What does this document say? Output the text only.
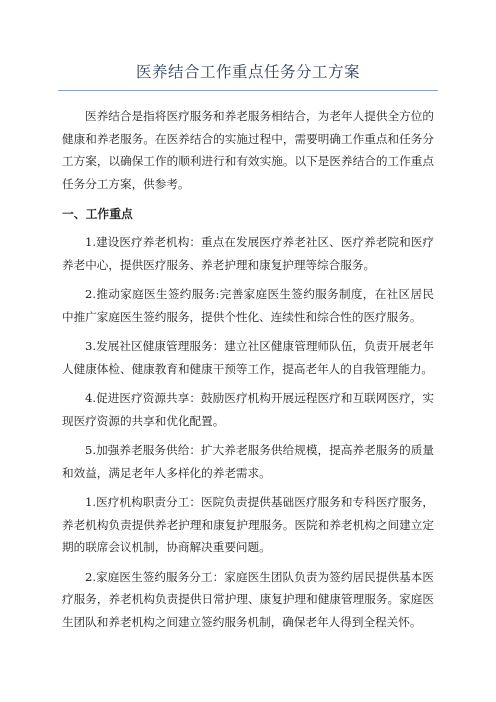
医养结合工作重点任务分工方案

医养结合是指将医疗服务和养老服务相结合，为老年人提供全方位的健康和养老服务。在医养结合的实施过程中，需要明确工作重点和任务分工方案，以确保工作的顺利进行和有效实施。以下是医养结合的工作重点任务分工方案，供参考。

一、工作重点

1.建设医疗养老机构：重点在发展医疗养老社区、医疗养老院和医疗养老中心，提供医疗服务、养老护理和康复护理等综合服务。

2.推动家庭医生签约服务:完善家庭医生签约服务制度，在社区居民中推广家庭医生签约服务，提供个性化、连续性和综合性的医疗服务。

3.发展社区健康管理服务：建立社区健康管理师队伍，负责开展老年人健康体检、健康教育和健康干预等工作，提高老年人的自我管理能力。

4.促进医疗资源共享：鼓励医疗机构开展远程医疗和互联网医疗，实现医疗资源的共享和优化配置。

5.加强养老服务供给：扩大养老服务供给规模，提高养老服务的质量和效益，满足老年人多样化的养老需求。

1.医疗机构职责分工：医院负责提供基础医疗服务和专科医疗服务，养老机构负责提供养老护理和康复护理服务。医院和养老机构之间建立定期的联席会议机制，协商解决重要问题。

2.家庭医生签约服务分工：家庭医生团队负责为签约居民提供基本医疗服务，养老机构负责提供日常护理、康复护理和健康管理服务。家庭医生团队和养老机构之间建立签约服务机制，确保老年人得到全程关怀。
